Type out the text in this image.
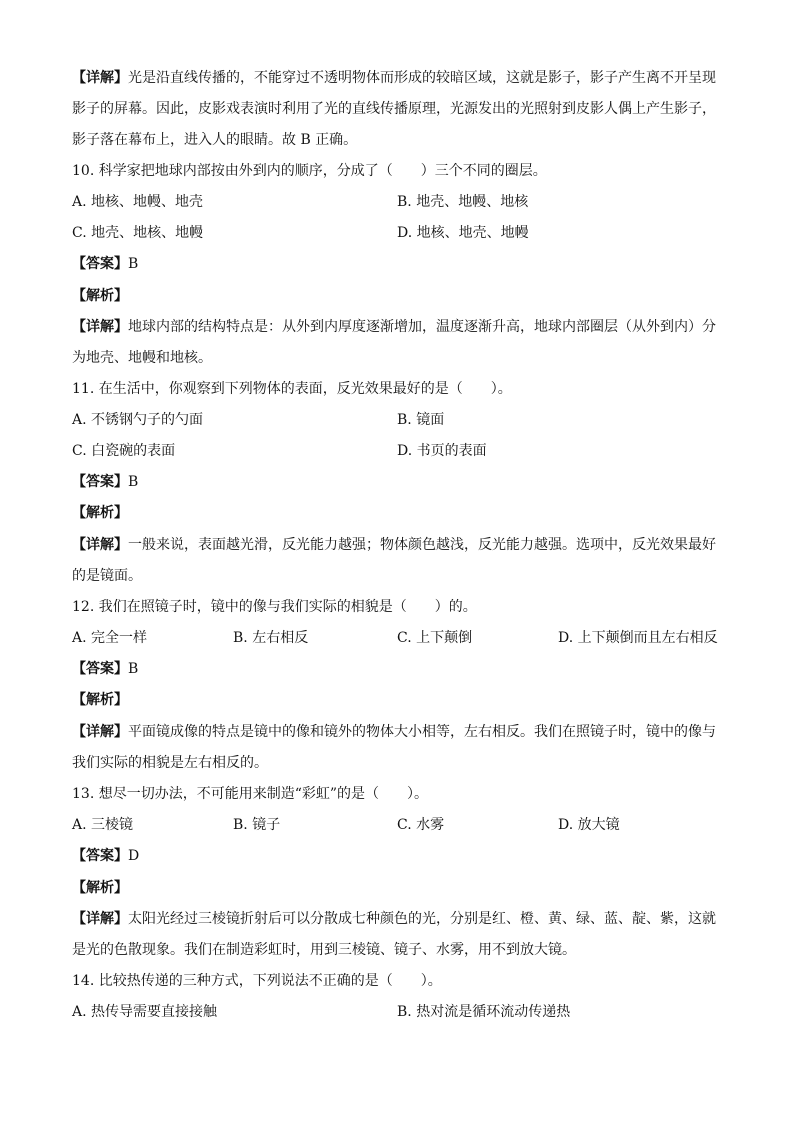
【详解】光是沿直线传播的，不能穿过不透明物体而形成的较暗区域，这就是影子，影子产生离不开呈现
影子的屏幕。因此，皮影戏表演时利用了光的直线传播原理，光源发出的光照射到皮影人偶上产生影子，
影子落在幕布上，进入人的眼睛。故 B 正确。
10. 科学家把地球内部按由外到内的顺序，分成了（　　）三个不同的圈层。
A. 地核、地幔、地壳	B. 地壳、地幔、地核
C. 地壳、地核、地幔	D. 地核、地壳、地幔
【答案】B
【解析】
【详解】地球内部的结构特点是：从外到内厚度逐渐增加，温度逐渐升高，地球内部圈层（从外到内）分
为地壳、地幔和地核。
11. 在生活中，你观察到下列物体的表面，反光效果最好的是（　　）。
A. 不锈钢勺子的勺面	B. 镜面
C. 白瓷碗的表面	D. 书页的表面
【答案】B
【解析】
【详解】一般来说，表面越光滑，反光能力越强；物体颜色越浅，反光能力越强。选项中，反光效果最好
的是镜面。
12. 我们在照镜子时，镜中的像与我们实际的相貌是（　　）的。
A. 完全一样	B. 左右相反	C. 上下颠倒	D. 上下颠倒而且左右相反
【答案】B
【解析】
【详解】平面镜成像的特点是镜中的像和镜外的物体大小相等，左右相反。我们在照镜子时，镜中的像与
我们实际的相貌是左右相反的。
13. 想尽一切办法，不可能用来制造“彩虹”的是（　　）。
A. 三棱镜	B. 镜子	C. 水雾	D. 放大镜
【答案】D
【解析】
【详解】太阳光经过三棱镜折射后可以分散成七种颜色的光，分别是红、橙、黄、绿、蓝、靛、紫，这就
是光的色散现象。我们在制造彩虹时，用到三棱镜、镜子、水雾，用不到放大镜。
14. 比较热传递的三种方式，下列说法不正确的是（　　）。
A. 热传导需要直接接触	B. 热对流是循环流动传递热
